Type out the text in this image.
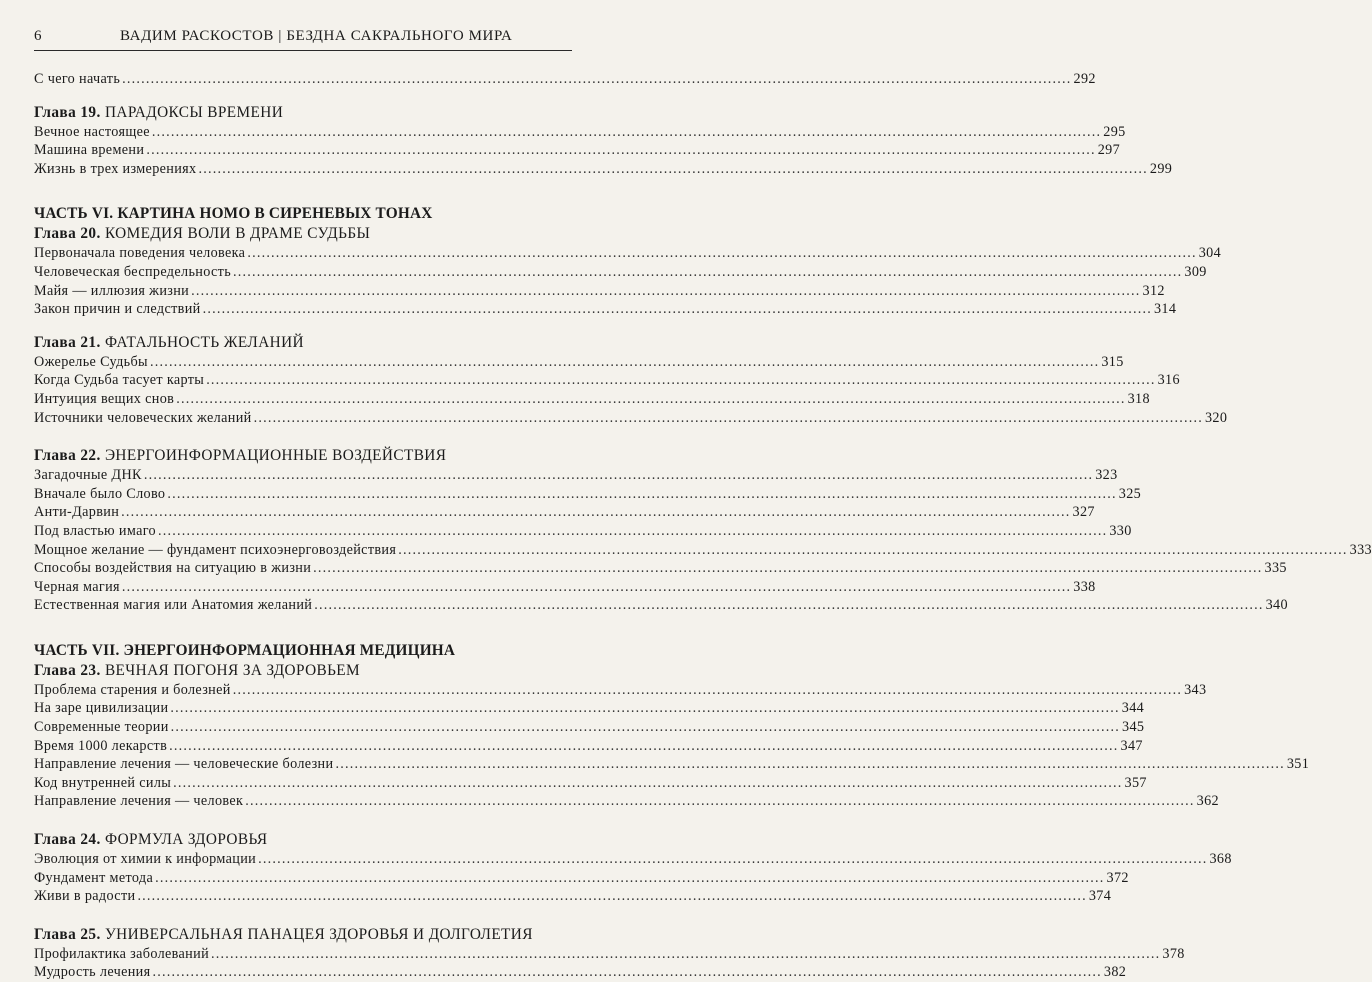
6	ВАДИМ РАСКОСТОВ | БЕЗДНА САКРАЛЬНОГО МИРА
С чего начать ........................................................................................................................................................................................................ 292
Глава 19. ПАРАДОКСЫ ВРЕМЕНИ
Вечное настоящее ........................................................................................................................................................................................................ 295
Машина времени ........................................................................................................................................................................................................ 297
Жизнь в трех измерениях ........................................................................................................................................................................................................ 299
ЧАСТЬ VI. КАРТИНА HOMO В СИРЕНЕВЫХ ТОНАХ
Глава 20. КОМЕДИЯ ВОЛИ В ДРАМЕ СУДЬБЫ
Первоначала поведения человека ........................................................................................................................................................................................................ 304
Человеческая беспредельность ........................................................................................................................................................................................................ 309
Майя — иллюзия жизни ........................................................................................................................................................................................................ 312
Закон причин и следствий ........................................................................................................................................................................................................ 314
Глава 21. ФАТАЛЬНОСТЬ ЖЕЛАНИЙ
Ожерелье Судьбы ........................................................................................................................................................................................................ 315
Когда Судьба тасует карты ........................................................................................................................................................................................................ 316
Интуиция вещих снов ........................................................................................................................................................................................................ 318
Источники человеческих желаний ........................................................................................................................................................................................................ 320
Глава 22. ЭНЕРГОИНФОРМАЦИОННЫЕ ВОЗДЕЙСТВИЯ
Загадочные ДНК ........................................................................................................................................................................................................ 323
Вначале было Слово ........................................................................................................................................................................................................ 325
Анти-Дарвин ........................................................................................................................................................................................................ 327
Под властью имаго ........................................................................................................................................................................................................ 330
Мощное желание — фундамент психоэнерговоздействия ........................................................................................................................................................................................................ 333
Способы воздействия на ситуацию в жизни ........................................................................................................................................................................................................ 335
Черная магия ........................................................................................................................................................................................................ 338
Естественная магия или Анатомия желаний ........................................................................................................................................................................................................ 340
ЧАСТЬ VII. ЭНЕРГОИНФОРМАЦИОННАЯ МЕДИЦИНА
Глава 23. ВЕЧНАЯ ПОГОНЯ ЗА ЗДОРОВЬЕМ
Проблема старения и болезней ........................................................................................................................................................................................................ 343
На заре цивилизации ........................................................................................................................................................................................................ 344
Современные теории ........................................................................................................................................................................................................ 345
Время 1000 лекарств ........................................................................................................................................................................................................ 347
Направление лечения — человеческие болезни ........................................................................................................................................................................................................ 351
Код внутренней силы ........................................................................................................................................................................................................ 357
Направление лечения — человек ........................................................................................................................................................................................................ 362
Глава 24. ФОРМУЛА ЗДОРОВЬЯ
Эволюция от химии к информации ........................................................................................................................................................................................................ 368
Фундамент метода ........................................................................................................................................................................................................ 372
Живи в радости ........................................................................................................................................................................................................ 374
Глава 25. УНИВЕРСАЛЬНАЯ ПАНАЦЕЯ ЗДОРОВЬЯ И ДОЛГОЛЕТИЯ
Профилактика заболеваний ........................................................................................................................................................................................................ 378
Мудрость лечения ........................................................................................................................................................................................................ 382
